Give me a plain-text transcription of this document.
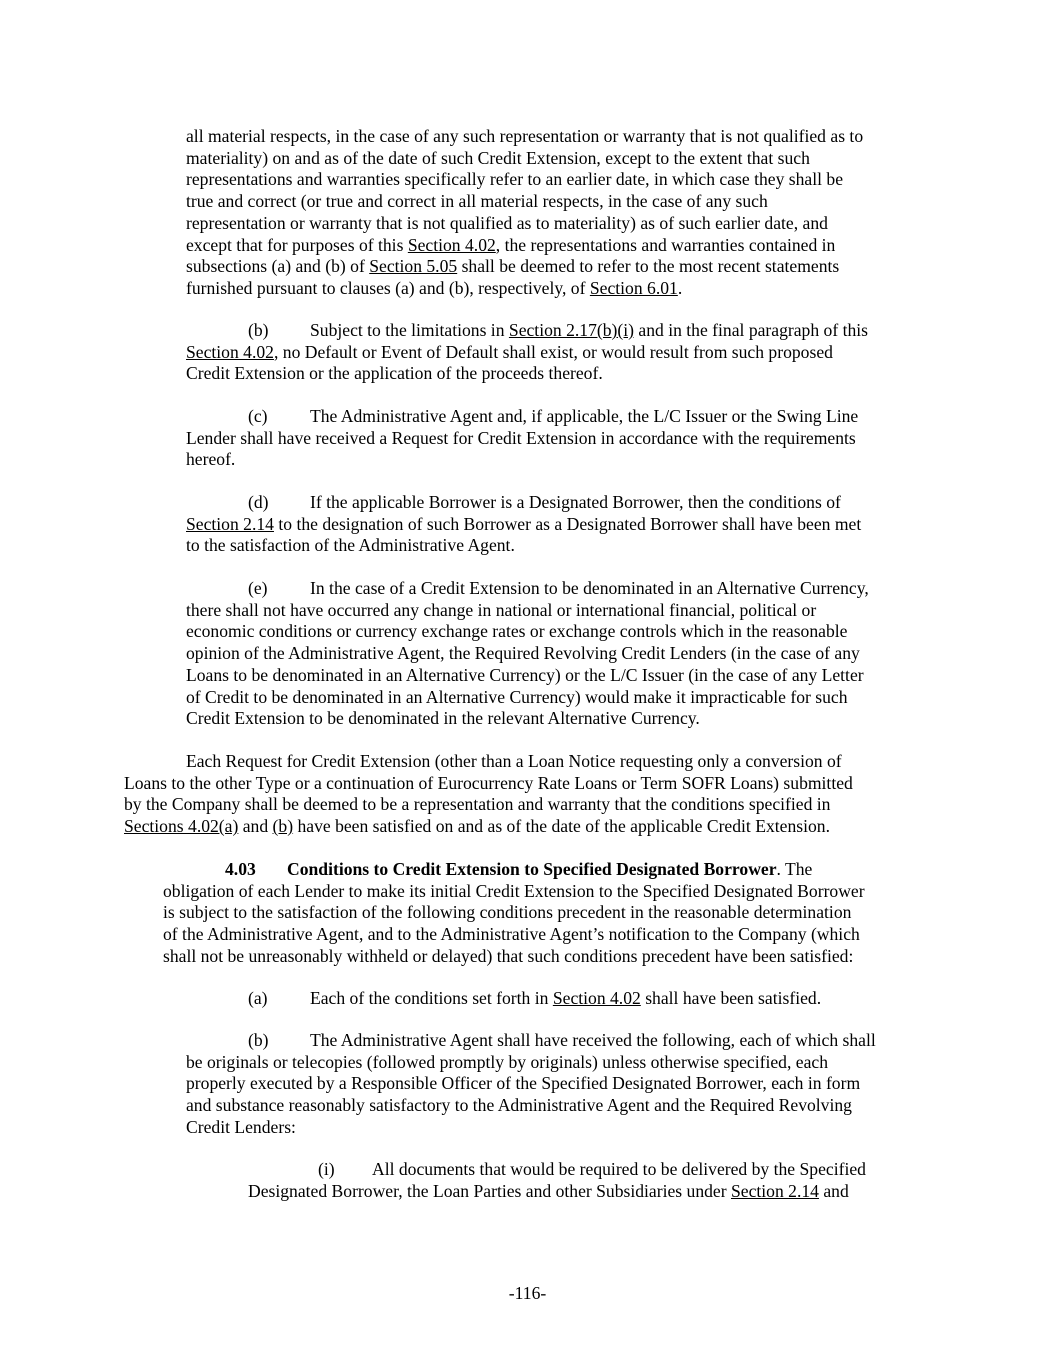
all material respects, in the case of any such representation or warranty that is not qualified as to
materiality) on and as of the date of such Credit Extension, except to the extent that such
representations and warranties specifically refer to an earlier date, in which case they shall be
true and correct (or true and correct in all material respects, in the case of any such
representation or warranty that is not qualified as to materiality) as of such earlier date, and
except that for purposes of this Section 4.02, the representations and warranties contained in
subsections (a) and (b) of Section 5.05 shall be deemed to refer to the most recent statements
furnished pursuant to clauses (a) and (b), respectively, of Section 6.01.
(b) Subject to the limitations in Section 2.17(b)(i) and in the final paragraph of this
Section 4.02, no Default or Event of Default shall exist, or would result from such proposed
Credit Extension or the application of the proceeds thereof.
(c) The Administrative Agent and, if applicable, the L/C Issuer or the Swing Line
Lender shall have received a Request for Credit Extension in accordance with the requirements
hereof.
(d) If the applicable Borrower is a Designated Borrower, then the conditions of
Section 2.14 to the designation of such Borrower as a Designated Borrower shall have been met
to the satisfaction of the Administrative Agent.
(e) In the case of a Credit Extension to be denominated in an Alternative Currency,
there shall not have occurred any change in national or international financial, political or
economic conditions or currency exchange rates or exchange controls which in the reasonable
opinion of the Administrative Agent, the Required Revolving Credit Lenders (in the case of any
Loans to be denominated in an Alternative Currency) or the L/C Issuer (in the case of any Letter
of Credit to be denominated in an Alternative Currency) would make it impracticable for such
Credit Extension to be denominated in the relevant Alternative Currency.
Each Request for Credit Extension (other than a Loan Notice requesting only a conversion of
Loans to the other Type or a continuation of Eurocurrency Rate Loans or Term SOFR Loans) submitted
by the Company shall be deemed to be a representation and warranty that the conditions specified in
Sections 4.02(a) and (b) have been satisfied on and as of the date of the applicable Credit Extension.
4.03 Conditions to Credit Extension to Specified Designated Borrower. The
obligation of each Lender to make its initial Credit Extension to the Specified Designated Borrower
is subject to the satisfaction of the following conditions precedent in the reasonable determination
of the Administrative Agent, and to the Administrative Agent’s notification to the Company (which
shall not be unreasonably withheld or delayed) that such conditions precedent have been satisfied:
(a) Each of the conditions set forth in Section 4.02 shall have been satisfied.
(b) The Administrative Agent shall have received the following, each of which shall
be originals or telecopies (followed promptly by originals) unless otherwise specified, each
properly executed by a Responsible Officer of the Specified Designated Borrower, each in form
and substance reasonably satisfactory to the Administrative Agent and the Required Revolving
Credit Lenders:
(i) All documents that would be required to be delivered by the Specified
Designated Borrower, the Loan Parties and other Subsidiaries under Section 2.14 and
-116-
